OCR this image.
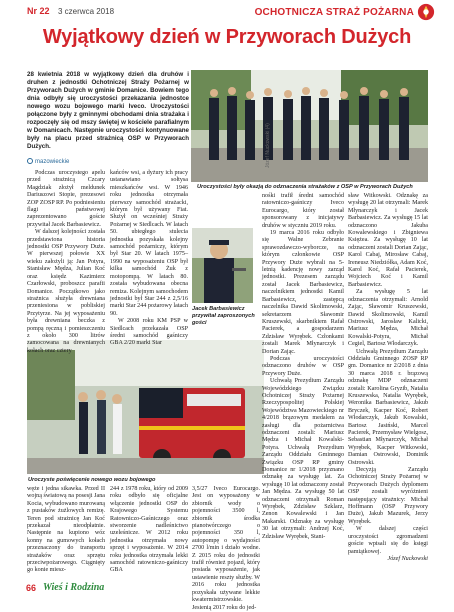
Nr 22 3 czerwca 2018	OCHOTNICZA STRAŻ POŻARNA
Wyjątkowy dzień w Przyworach Dużych

28 kwietnia 2018 w wyjątkowy dzień dla druhów i druhen z jednostki Ochotniczej Straży Pożarnej w Przyworach Dużych w gminie Domanice. Bowiem tego dnia odbyły się uroczystości przekazania jednostce nowego wozu bojowego marki Iveco. Uroczystości połączone były z gminnymi obchodami dnia strażaka i rozpoczęły się od mszy świętej w kościele parafialnym w Domanicach. Następnie uroczystości kontynuowane były na placu przed strażnicą OSP w Przyworach Dużych.

mazowieckie
Uroczystości były okazją do odznaczenia strażaków z OSP w Przyworach Dużych
Jacek Barbasiewicz przywitał zaproszonych gości
Uroczyste poświęcenie nowego wozu bojowego
Józef Nuckowski (4)

Podczas uroczystego apelu przed strażnicą Czcary Magdziak złożył meldunek Dariuszowi Stopie, prezesowi ZOP ZOSP RP. Po podniesieniu flagi państwowej zaprezentowano goście przywitał Jacek Barbasiewicz.

W dalszej kolejności została przedstawiona historia jednostki OSP Przywory Duże. W pierwszej połowie XX wieku założyli ją: Jan Potyra, Stanisław Mędza, Julian Koć oraz księdz Kazimierz Czarłowski, proboszcz parafii Domanice. Początkowo jako strażnica służyła drewniana przeniesiona w pobliskiej Przytyrze. Na jej wyposażeniu była drewniana beczka z pompą ręczną i pomieszczeniu z około 300 litrów zamocowana na drewnianych kołach oraz cztery

kańców wsi, a dyżury ich pracy ustanawiano sołtysa mieszkańców wsi. W 1946 roku jednostka otrzymała pierwszy samochód strażacki, którym był używany Fiat. Służył on wcześniej Straży Pożarnej w Siedlcach. W latach 50. ubiegłego stulecia jednostka pozyskała kolejny samochód pożarniczy, którym był Star 20. W latach 1975–1990 na wyposażeniu OSP był kilka samochód Żuk z motopompą. W latach 80. została wybudowana obecna remiza. Kolejnym samochodem jednostki był Star 244 z 2,5/16 marki Star 244 pożarowy latach 90.

W 2008 roku KM PSP w Siedlcach przekazała OSP średni samochód gaśniczy GBA 2/20 marki Star

nośki trafił średni samochód ratowniczo-gaśniczy Iveco Eurocargo, który został sponsorowany z inicjatywy druhów w styczniu 2019 roku.

19 marca 2016 roku odbyło się Walne Zebranie sprawozdawczo-wyborcze, na którym członkowie OSP Przywory Duże wybrali na 5-letnią kadencję nowy zarząd jednostki. Prezesem zarządu został Jacek Barbasiewicz, naczelnikiem jednostki Kamil Barbasiewicz, zastępcą naczelnika Dawid Skolimowski, sekretarzem Sławomir Kruszewski, skarbnikiem Rafał Pacierek, a gospodarzem Zdzisław Wyrębek. Członkami zostali Marek Młynarczyk i Dorian Zając.

Podczas uroczystości odznaczono druhów w OSP Przywory Duże.

Uchwałą Prezydium Zarządu Wojewódzkiego Związku Ochotniczej Straży Pożarnej Rzeczypospolitej Polskiej Województwa Mazowieckiego nr 4/2018 brązowym medalem za zasługi dla pożarnictwa odznaczeni zostali: Mariusz Mędza i Michał Kowalski-Potyra. Uchwałą Prezydium Zarządu Oddziału Gminnego Związku OSP RP gminy Domanice nr 1/2018 przyznano odznakę za wysługę lat. Za wysługę 10 lat odznaczony został Jan Mędza. Za wysługę 50 lat odznaczeni otrzymali Roman Wyrębek, Zdzisław Szklarz, Zenon Kowalewski i Jan Makarski. Odznakę za wysługę 30 lat otrzymali: Andrzej Koć, Zdzisław Wyrębek, Stani-

sław Witkowski. Odznakę za wysługę 20 lat otrzymali: Marek Młynarczyk i Jacek Barbasiewicz. Za wysługę 15 lat odznaczono Jakuba Kowalewskiego i Zbigniewa Księżea. Za wysługę 10 lat odznaczeni zostali Dorian Zając, Karol Cabaj, Mirosław Cabaj, Ireneusz Niedziółka, Adam Koć, Karol Koć, Rafał Pacierek, Wojciech Koć i Kamil Barbasiewicz.

Za wysługę 5 lat odznaczenia otrzymali: Arnold Zając, Sławomir Kruszewski, Dawid Skolimowski, Kamil Ostrowski, Jarosław Kalicki, Mariusz Mędza, Michał Kowalski-Potyra, Michał Cegiel, Bartosz Włodarczyk.

Uchwałą Prezydium Zarządu Oddziału Gminnego ZOSP RP gm. Domanice nr 2/2018 z dnia 30 marca 2018 r. brązową odznakę MDP odznaczeni zostali: Karolina Gryzib, Natalia Kruszewska, Natalia Wyrębek, Weronika Barbasiewicz, Jakub Bryczek, Kacper Koć, Robert Włodarczyk, Jakub Kowalski, Bartosz Jasiński, Marcel Pacierek, Przemysław Wielgosz, Sebastian Młynarczyk, Michał Wyrębek, Kacper Witkowski, Damian Ostrowski, Dominik Ostrowski.

Decyzją Zarządu Ochotniczej Straży Pożarnej w Przyworach Dużych dyplomem OSP zostali wyróżnieni następujący strażnicy: Michał Hoffmann (OSP Przywory Duże), Jakub Mazurek, Jerzy Wyrębek.

W dalszej części uroczystości zgromadzeni goście wpisali się do księgi pamiątkowej.

Józef Nuckowski

węże i jedna sikawka. Przed II wojną światową na posesji Jana Kocia, wybudowano murowaną z pustaków żużlowych remizę. Teren pod strażnicę Jan Koć przekazał nieodpłatnie. Następnie na kupiono wóz konny na gumowych kołach przeznaczony do transportu strażaków oraz sprzętu przeciwpożarowego. Ciągnięty go konie miesz-

244 z 1978 roku, który od 2009 roku odbyło się oficjalne włączenie jednostki OSP do Krajowego Systemu Ratowniczo-Gaśniczego oraz stworzenie nadleśnictwo uzeleśnicze. W 2012 roku jednostka otrzymała nowy sprzęt i wyposażenie. W 2014 roku jednostka otrzymała lekki samochód ratowniczo-gaśniczy GBA

3,5/27 Iveco Eurocargo. Jest on wyposażony w zbiornik wody o pojemności 3500 l, zbiornik środka pianotwórczego o pojemności 350 l, autopompę o wydajności 2700 l/min i działo wodne. Z 2015 roku do jednostki trafił również pojazd, który posiada wyposażenie, jak ustawienie reszty służby. W 2016 roku jednostka pozyskała używane lekkie kwatermistrzowskie. Jesienią 2017 roku do jed-

66 Wieś i Rodzina
